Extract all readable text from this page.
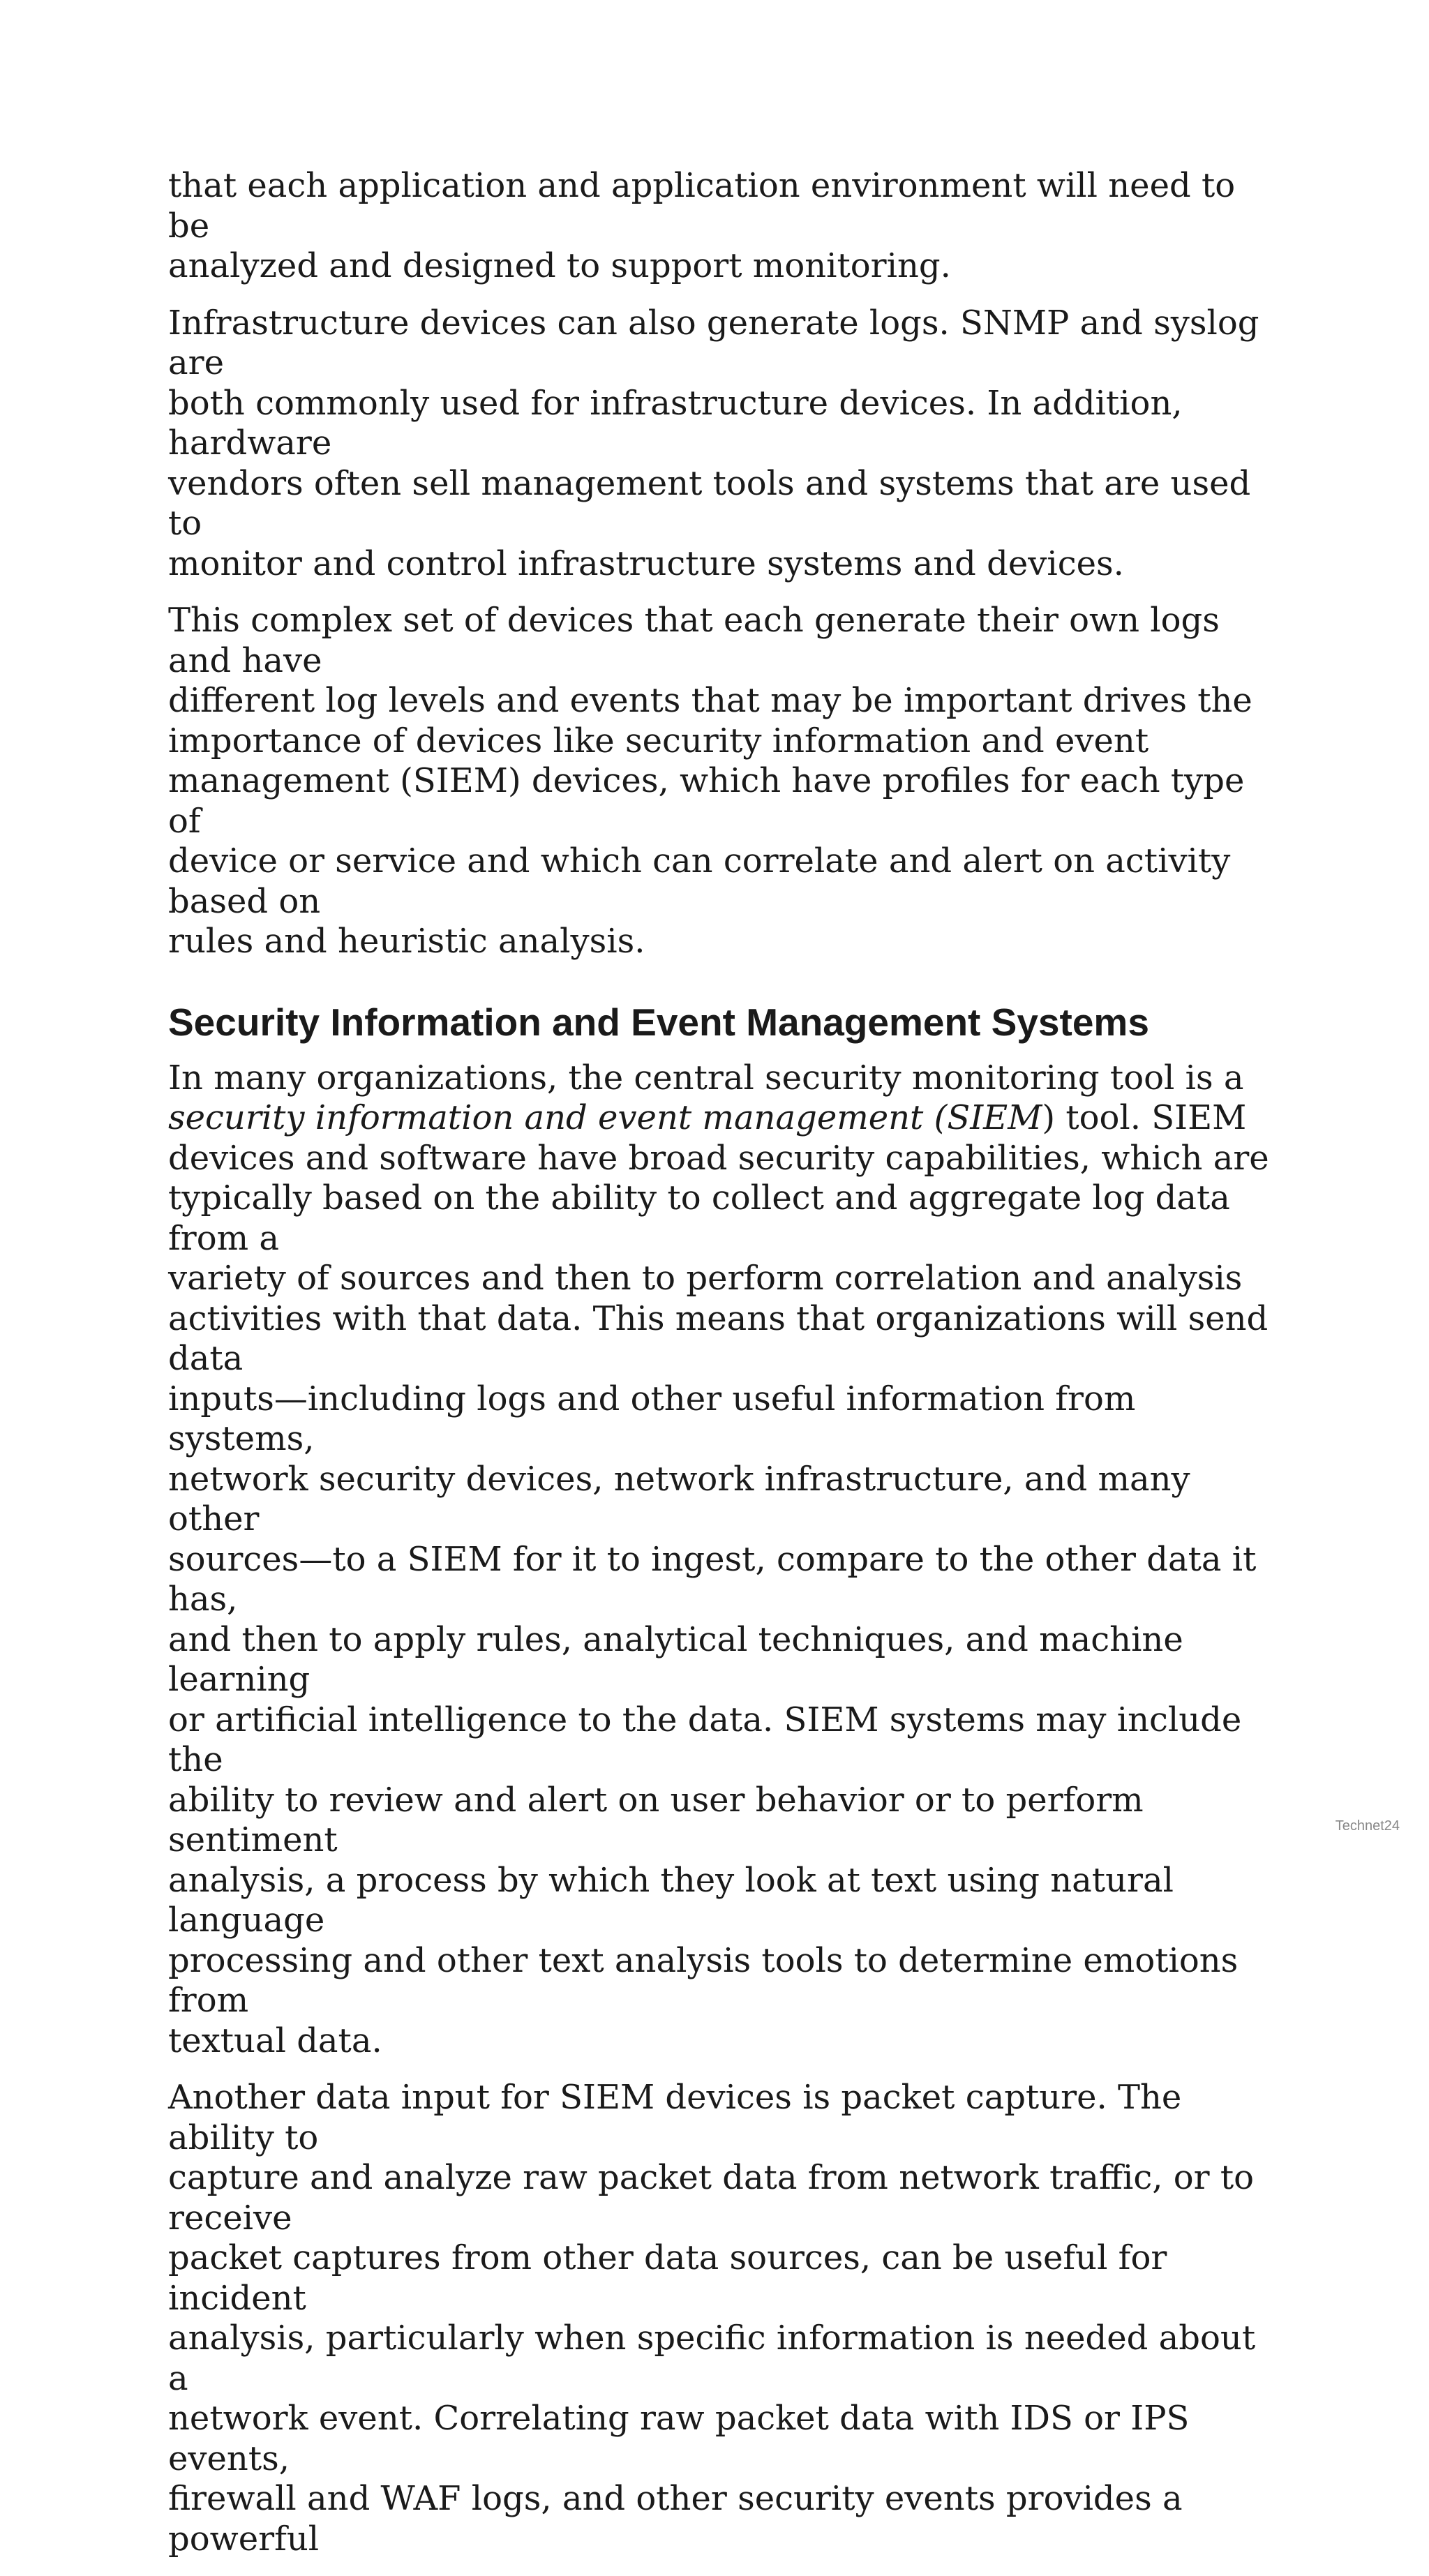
that each application and application environment will need to be
analyzed and designed to support monitoring.

Infrastructure devices can also generate logs. SNMP and syslog are
both commonly used for infrastructure devices. In addition, hardware
vendors often sell management tools and systems that are used to
monitor and control infrastructure systems and devices.

This complex set of devices that each generate their own logs and have
different log levels and events that may be important drives the
importance of devices like security information and event
management (SIEM) devices, which have profiles for each type of
device or service and which can correlate and alert on activity based on
rules and heuristic analysis.

Security Information and Event Management Systems

In many organizations, the central security monitoring tool is a
security information and event management (SIEM) tool. SIEM
devices and software have broad security capabilities, which are
typically based on the ability to collect and aggregate log data from a
variety of sources and then to perform correlation and analysis
activities with that data. This means that organizations will send data
inputs—including logs and other useful information from systems,
network security devices, network infrastructure, and many other
sources—to a SIEM for it to ingest, compare to the other data it has,
and then to apply rules, analytical techniques, and machine learning
or artificial intelligence to the data. SIEM systems may include the
ability to review and alert on user behavior or to perform sentiment
analysis, a process by which they look at text using natural language
processing and other text analysis tools to determine emotions from
textual data.

Another data input for SIEM devices is packet capture. The ability to
capture and analyze raw packet data from network traffic, or to receive
packet captures from other data sources, can be useful for incident
analysis, particularly when specific information is needed about a
network event. Correlating raw packet data with IDS or IPS events,
firewall and WAF logs, and other security events provides a powerful

Technet24
